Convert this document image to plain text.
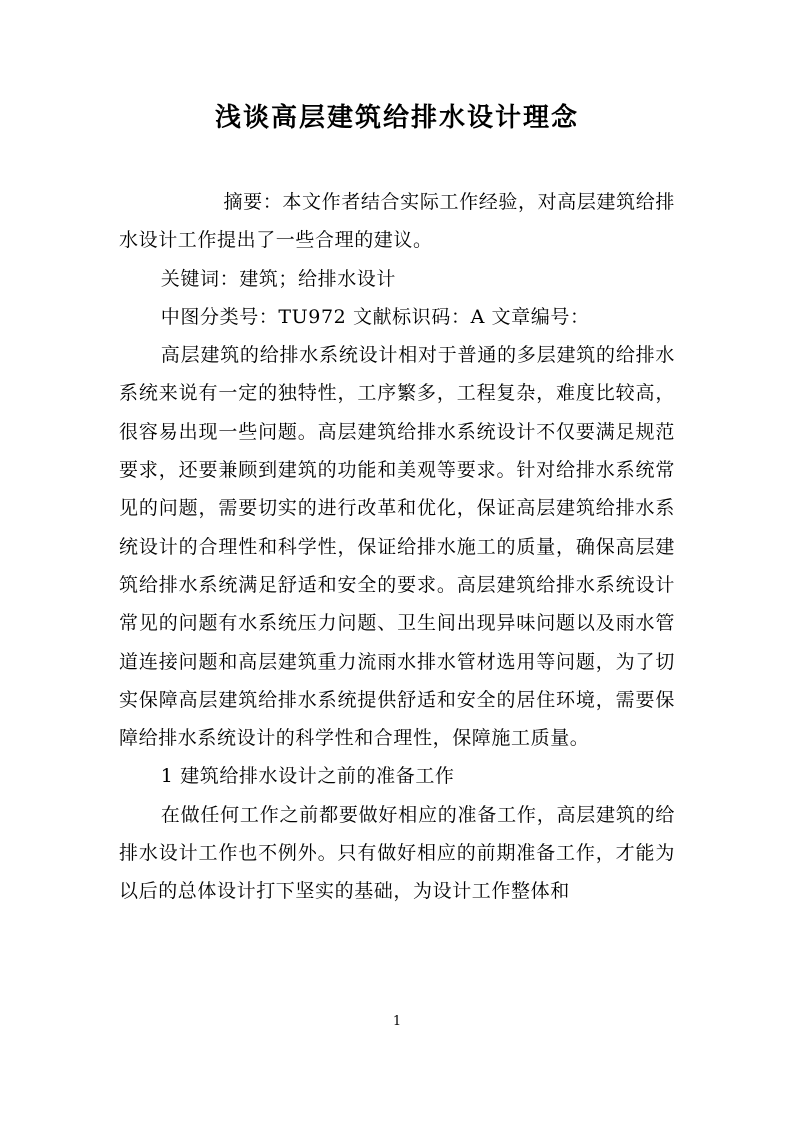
浅谈高层建筑给排水设计理念

摘要：本文作者结合实际工作经验，对高层建筑给排水设计工作提出了一些合理的建议。

关键词：建筑；给排水设计

中图分类号：TU972 文献标识码：A 文章编号：

高层建筑的给排水系统设计相对于普通的多层建筑的给排水系统来说有一定的独特性，工序繁多，工程复杂，难度比较高，很容易出现一些问题。高层建筑给排水系统设计不仅要满足规范要求，还要兼顾到建筑的功能和美观等要求。针对给排水系统常见的问题，需要切实的进行改革和优化，保证高层建筑给排水系统设计的合理性和科学性，保证给排水施工的质量，确保高层建筑给排水系统满足舒适和安全的要求。高层建筑给排水系统设计常见的问题有水系统压力问题、卫生间出现异味问题以及雨水管道连接问题和高层建筑重力流雨水排水管材选用等问题，为了切实保障高层建筑给排水系统提供舒适和安全的居住环境，需要保障给排水系统设计的科学性和合理性，保障施工质量。

1 建筑给排水设计之前的准备工作

在做任何工作之前都要做好相应的准备工作，高层建筑的给排水设计工作也不例外。只有做好相应的前期准备工作，才能为以后的总体设计打下坚实的基础，为设计工作整体和

1
